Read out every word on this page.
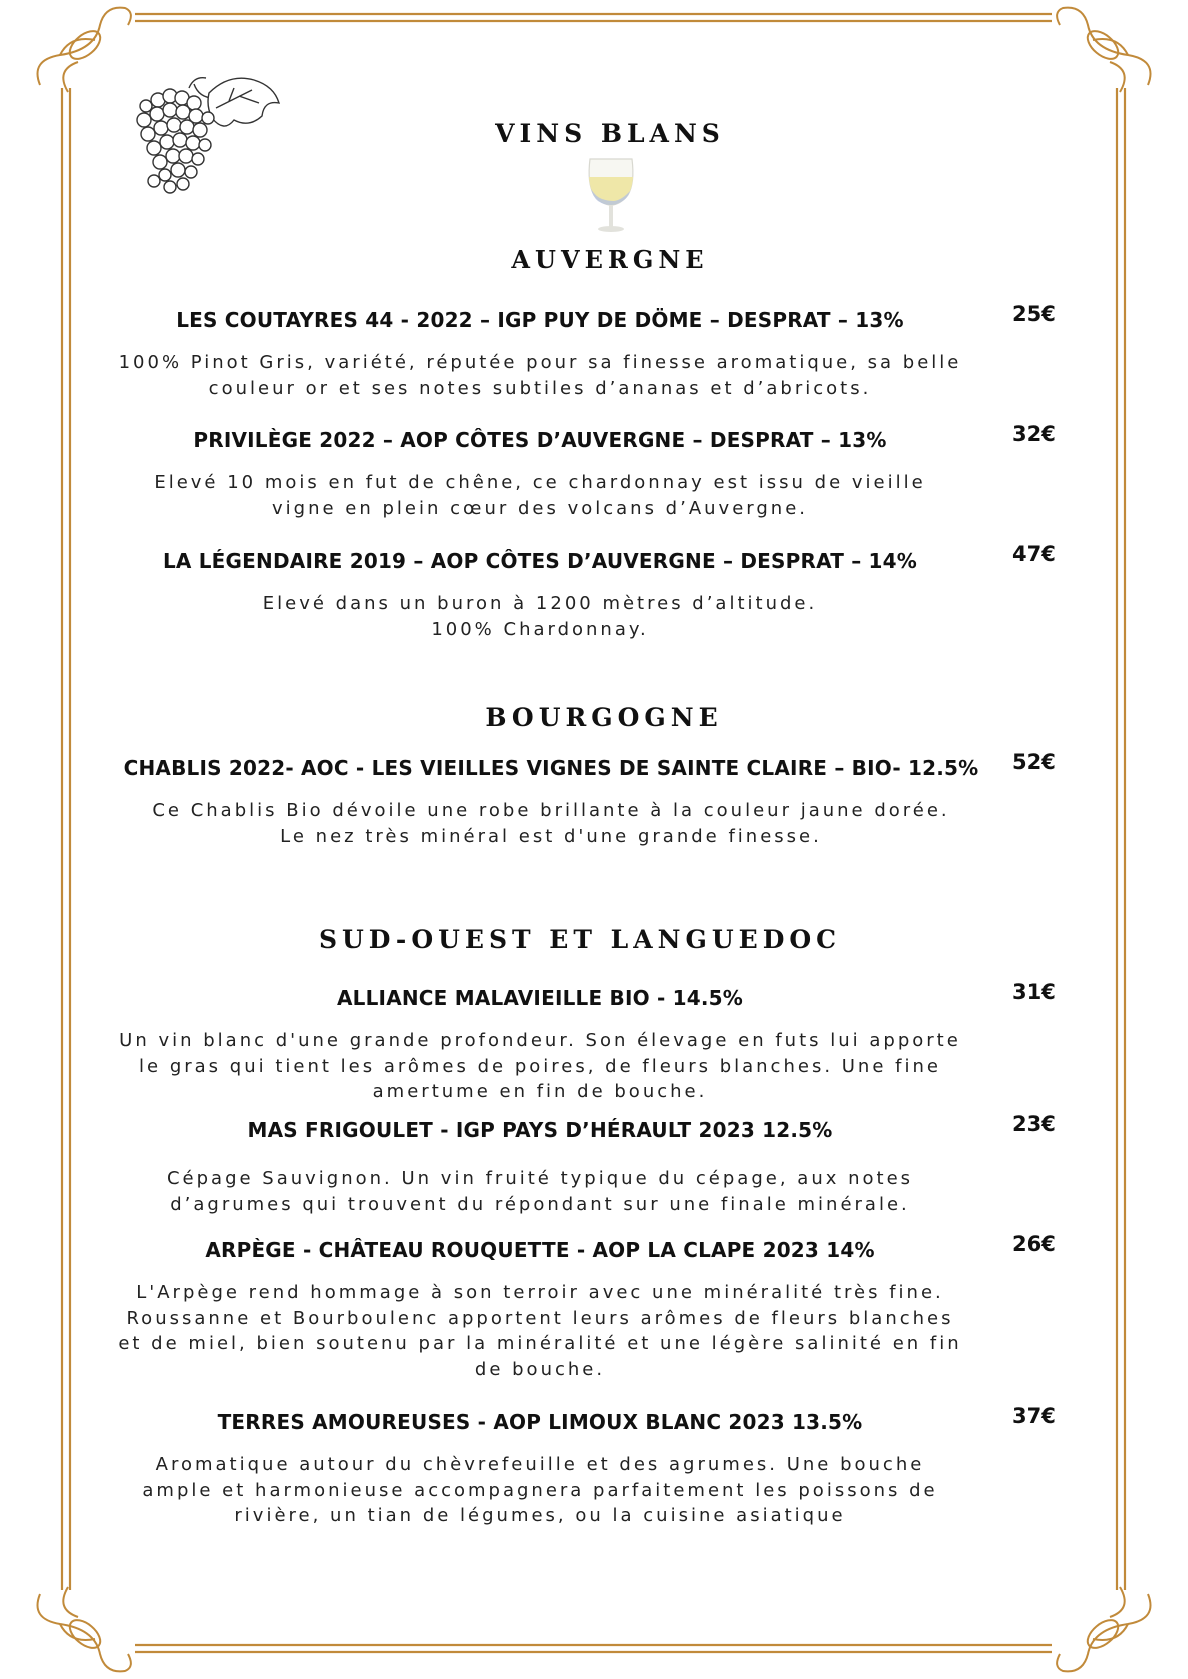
VINS BLANS
AUVERGNE
LES COUTAYRES 44 - 2022 – IGP PUY DE DÖME – DESPRAT – 13%
100% Pinot Gris, variété, réputée pour sa finesse aromatique, sa belle couleur or et ses notes subtiles d’ananas et d’abricots.
25€
PRIVILÈGE 2022 – AOP CÔTES D’AUVERGNE – DESPRAT – 13%
Elevé 10 mois en fut de chêne, ce chardonnay est issu de vieille vigne en plein cœur des volcans d’Auvergne.
32€
LA LÉGENDAIRE 2019 – AOP CÔTES D’AUVERGNE – DESPRAT – 14%
Elevé dans un buron à 1200 mètres d’altitude. 100% Chardonnay.
47€
BOURGOGNE
CHABLIS 2022- AOC - LES VIEILLES VIGNES DE SAINTE CLAIRE – BIO- 12.5%
Ce Chablis Bio dévoile une robe brillante à la couleur jaune dorée. Le nez très minéral est d'une grande finesse.
52€
SUD-OUEST ET LANGUEDOC
ALLIANCE MALAVIEILLE BIO - 14.5%
Un vin blanc d'une grande profondeur. Son élevage en futs lui apporte le gras qui tient les arômes de poires, de fleurs blanches. Une fine amertume en fin de bouche.
31€
MAS FRIGOULET - IGP PAYS D’HÉRAULT 2023 12.5%
Cépage Sauvignon. Un vin fruité typique du cépage, aux notes d’agrumes qui trouvent du répondant sur une finale minérale.
23€
ARPÈGE - CHÂTEAU ROUQUETTE - AOP LA CLAPE 2023 14%
L'Arpège rend hommage à son terroir avec une minéralité très fine. Roussanne et Bourboulenc apportent leurs arômes de fleurs blanches et de miel, bien soutenu par la minéralité et une légère salinité en fin de bouche.
26€
TERRES AMOUREUSES - AOP LIMOUX BLANC 2023 13.5%
Aromatique autour du chèvrefeuille et des agrumes. Une bouche ample et harmonieuse accompagnera parfaitement les poissons de rivière, un tian de légumes, ou la cuisine asiatique
37€
